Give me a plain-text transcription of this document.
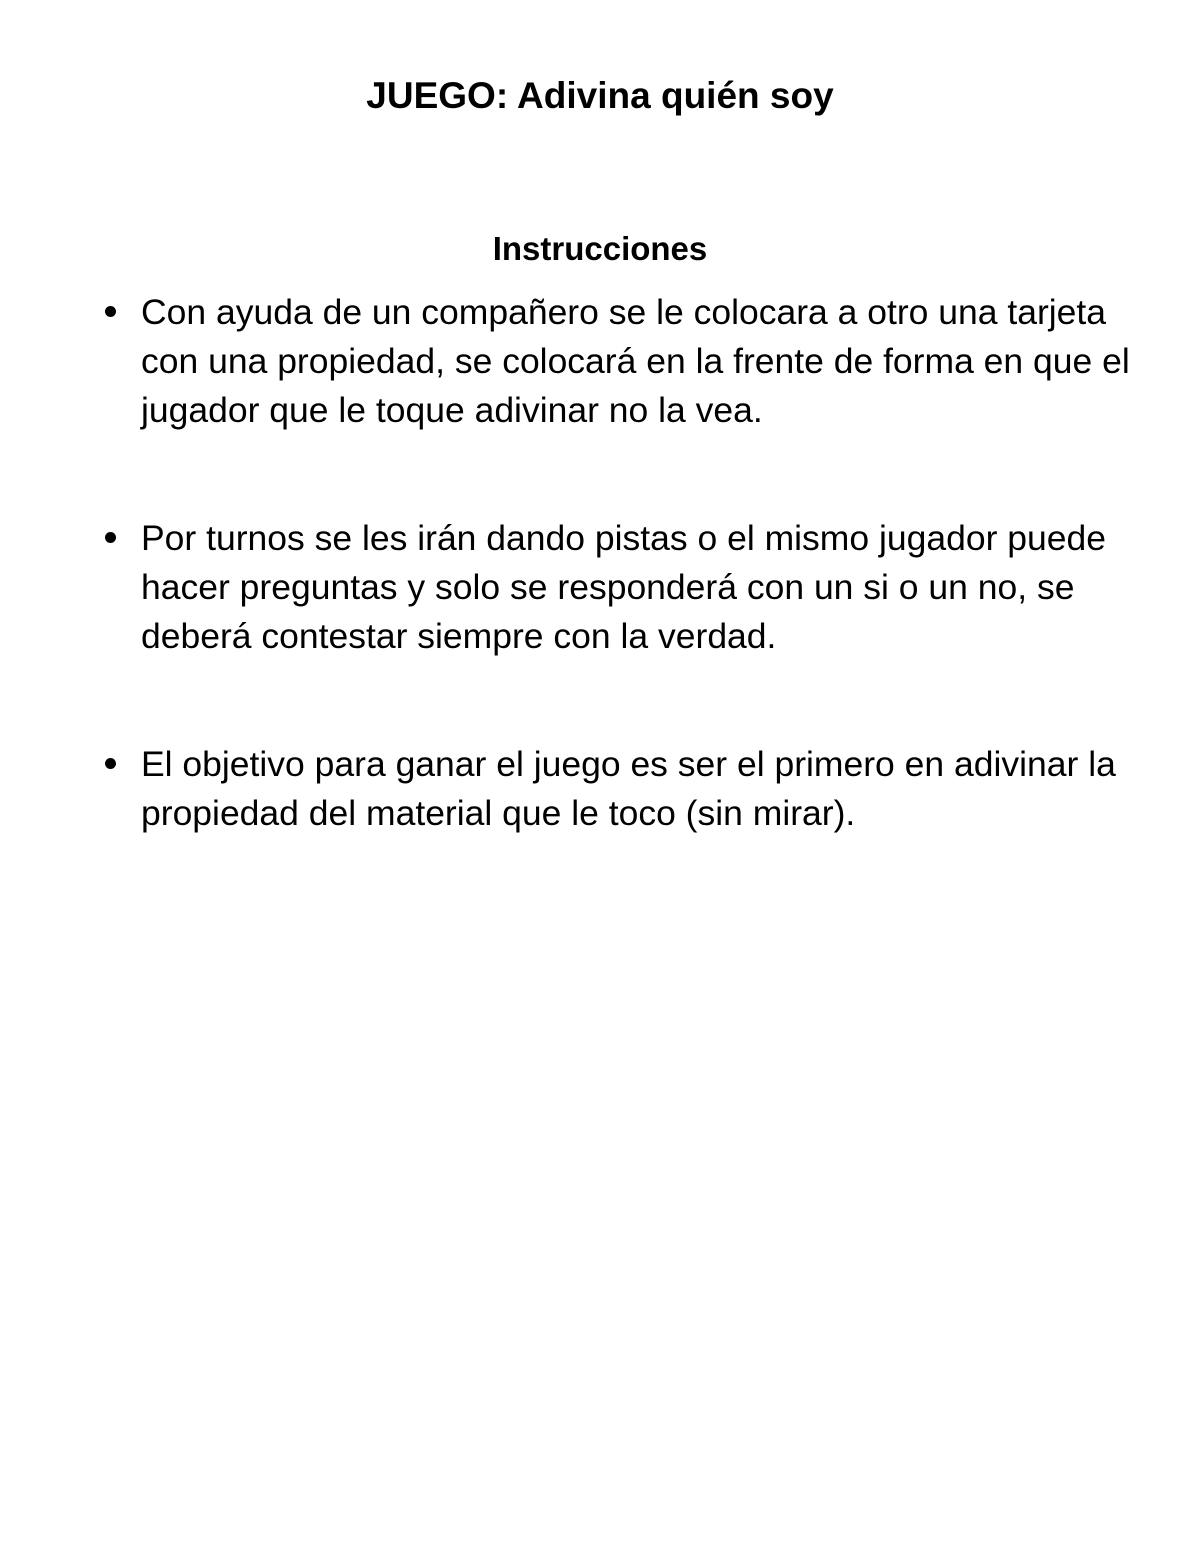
JUEGO: Adivina quién soy
Instrucciones
Con ayuda de un compañero se le colocara a otro una tarjeta con una propiedad, se colocará en la frente de forma en que el jugador que le toque adivinar no la vea.
Por turnos se les irán dando pistas o el mismo jugador puede hacer preguntas y solo se responderá con un si o un no, se deberá contestar siempre con la verdad.
El objetivo para ganar el juego es ser el primero en adivinar la propiedad del material que le toco (sin mirar).
